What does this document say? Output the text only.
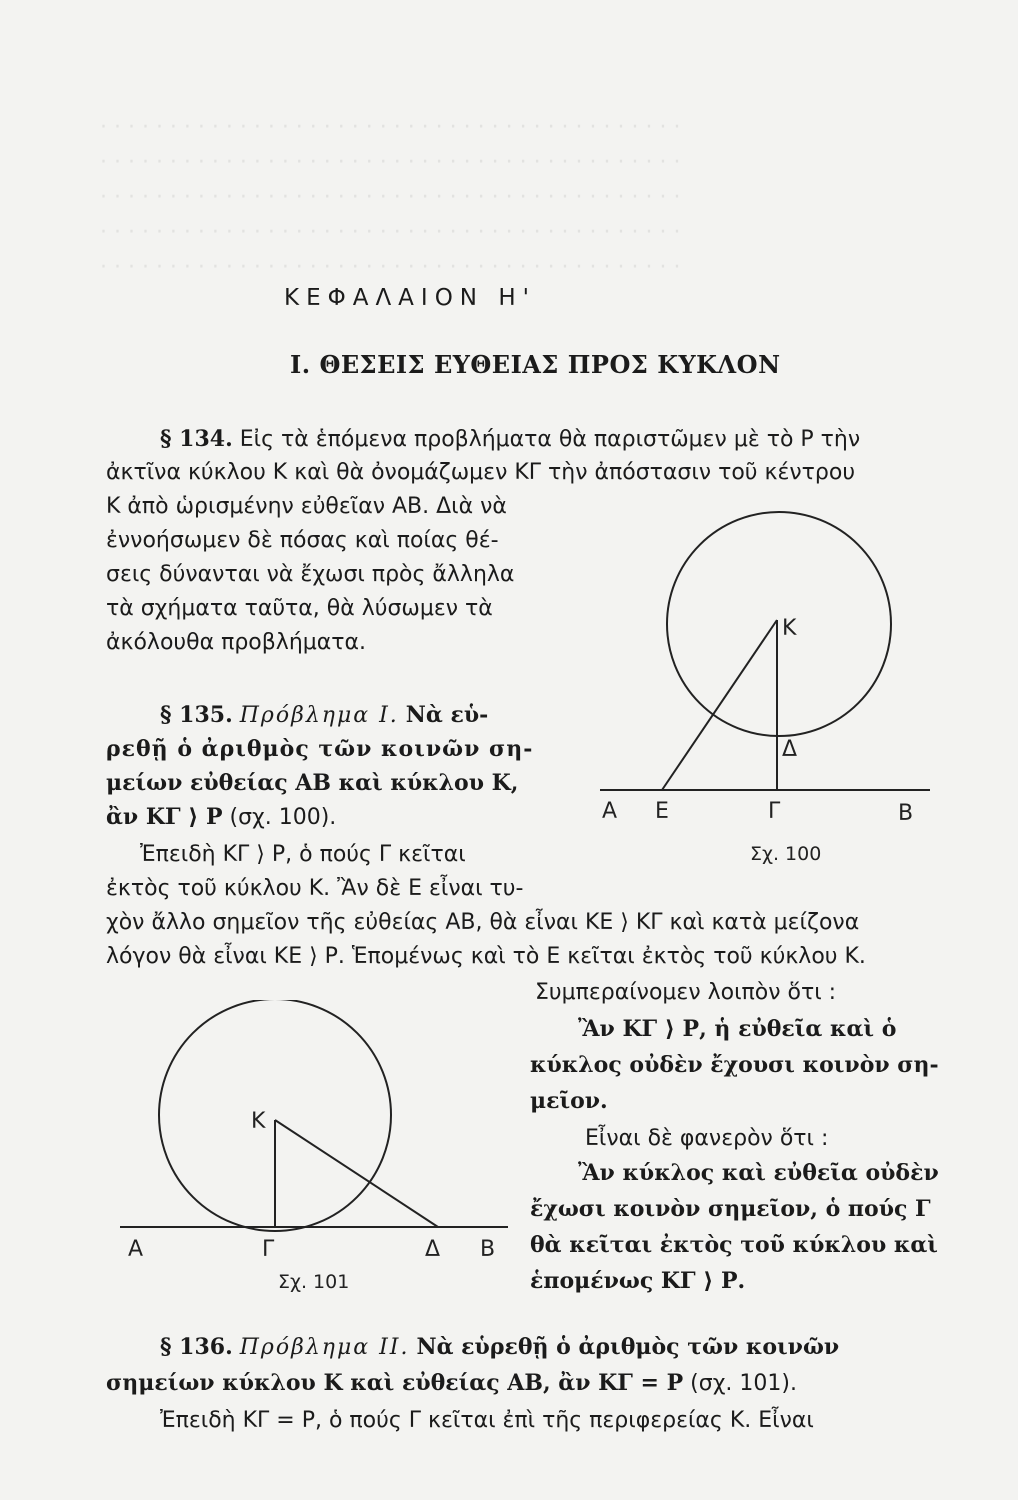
· · · · · · · · · · · · · · · · · · · · · · · · · · · · · · · · · · · · · · · · · ·
· · · · · · · · · · · · · · · · · · · · · · · · · · · · · · · · · · · · · · · · · ·
· · · · · · · · · · · · · · · · · · · · · · · · · · · · · · · · · · · · · · · · · ·
· · · · · · · · · · · · · · · · · · · · · · · · · · · · · · · · · · · · · · · · · ·
· · · · · · · · · · · · · · · · · · · · · · · · · · · · · · · · · · · · · · · · · ·
ΚΕΦΑΛΑΙΟΝ Η'
Ι. ΘΕΣΕΙΣ ΕΥΘΕΙΑΣ ΠΡΟΣ ΚΥΚΛΟΝ
§ 134. Εἰς τὰ ἑπόμενα προβλήματα θὰ παριστῶμεν μὲ τὸ Ρ τὴν
ἀκτῖνα κύκλου Κ καὶ θὰ ὀνομάζωμεν ΚΓ τὴν ἀπόστασιν τοῦ κέντρου
Κ ἀπὸ ὡρισμένην εὐθεῖαν ΑΒ. Διὰ νὰ
ἐννοήσωμεν δὲ πόσας καὶ ποίας θέ-
σεις δύνανται νὰ ἔχωσι πρὸς ἄλληλα
τὰ σχήματα ταῦτα, θὰ λύσωμεν τὰ
ἀκόλουθα προβλήματα.
Κ
Δ
Α Ε	Γ	Β
Σχ. 100
§ 135. Πρόβλημα Ι. Νὰ εὑ-
ρεθῇ ὁ ἀριθμὸς τῶν κοινῶν ση-
μείων εὐθείας ΑΒ καὶ κύκλου Κ,
ἂν ΚΓ ⟩ Ρ (σχ. 100).
Ἐπειδὴ ΚΓ ⟩ Ρ, ὁ πούς Γ κεῖται
ἐκτὸς τοῦ κύκλου Κ. Ἂν δὲ Ε εἶναι τυ-
χὸν ἄλλο σημεῖον τῆς εὐθείας ΑΒ, θὰ εἶναι ΚΕ ⟩ ΚΓ καὶ κατὰ μείζονα
λόγον θὰ εἶναι ΚΕ ⟩ Ρ. Ἑπομένως καὶ τὸ Ε κεῖται ἐκτὸς τοῦ κύκλου Κ.
Συμπεραίνομεν λοιπὸν ὅτι :
Ἂν ΚΓ ⟩ Ρ, ἡ εὐθεῖα καὶ ὁ
κύκλος οὐδὲν ἔχουσι κοινὸν ση-
μεῖον.
Εἶναι δὲ φανερὸν ὅτι :
Ἂν κύκλος καὶ εὐθεῖα οὐδὲν
ἔχωσι κοινὸν σημεῖον, ὁ πούς Γ
θὰ κεῖται ἐκτὸς τοῦ κύκλου καὶ
ἑπομένως ΚΓ ⟩ Ρ.
Κ
Α	Γ	Δ Β
Σχ. 101
§ 136. Πρόβλημα ΙΙ. Νὰ εὑρεθῇ ὁ ἀριθμὸς τῶν κοινῶν
σημείων κύκλου Κ καὶ εὐθείας ΑΒ, ἂν ΚΓ = Ρ (σχ. 101).
Ἐπειδὴ ΚΓ = Ρ, ὁ πούς Γ κεῖται ἐπὶ τῆς περιφερείας Κ. Εἶναι
